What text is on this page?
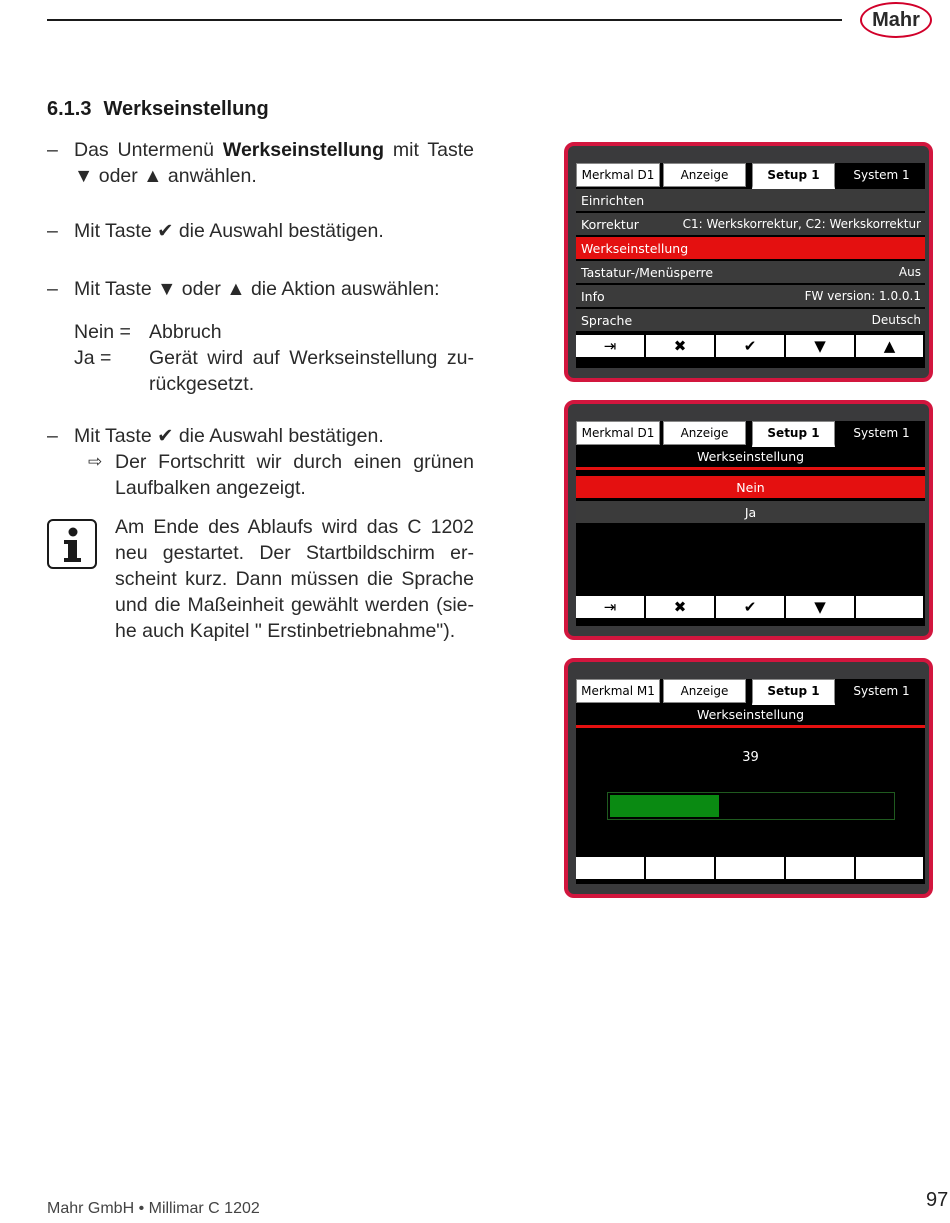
Mahr
6.1.3 Werkseinstellung
– Das Untermenü Werkseinstellung mit Taste ▼ oder ▲ anwählen.
– Mit Taste ✔ die Auswahl bestätigen.
– Mit Taste ▼ oder ▲ die Aktion auswählen:
Nein = Abbruch
Ja =	Gerät wird auf Werkseinstellung zu-rückgesetzt.
– Mit Taste ✔ die Auswahl bestätigen.
⇨ Der Fortschritt wir durch einen grünen Laufbalken angezeigt.
Am Ende des Ablaufs wird das C 1202 neu gestartet. Der Startbildschirm er-scheint kurz. Dann müssen die Sprache und die Maßeinheit gewählt werden (sie-he auch Kapitel " Erstinbetriebnahme").
Merkmal D1	Anzeige	Setup 1	System 1
Einrichten
Korrektur	C1: Werkskorrektur, C2: Werkskorrektur
Werkseinstellung
Tastatur-/Menüsperre	Aus
Info	FW version: 1.0.0.1
Sprache	Deutsch
⇥	✖	✔	▼	▲
Merkmal D1	Anzeige	Setup 1	System 1
Werkseinstellung
Nein
Ja
⇥	✖	✔	▼
Merkmal M1	Anzeige	Setup 1	System 1
Werkseinstellung
39
Mahr GmbH • Millimar C 1202	97
